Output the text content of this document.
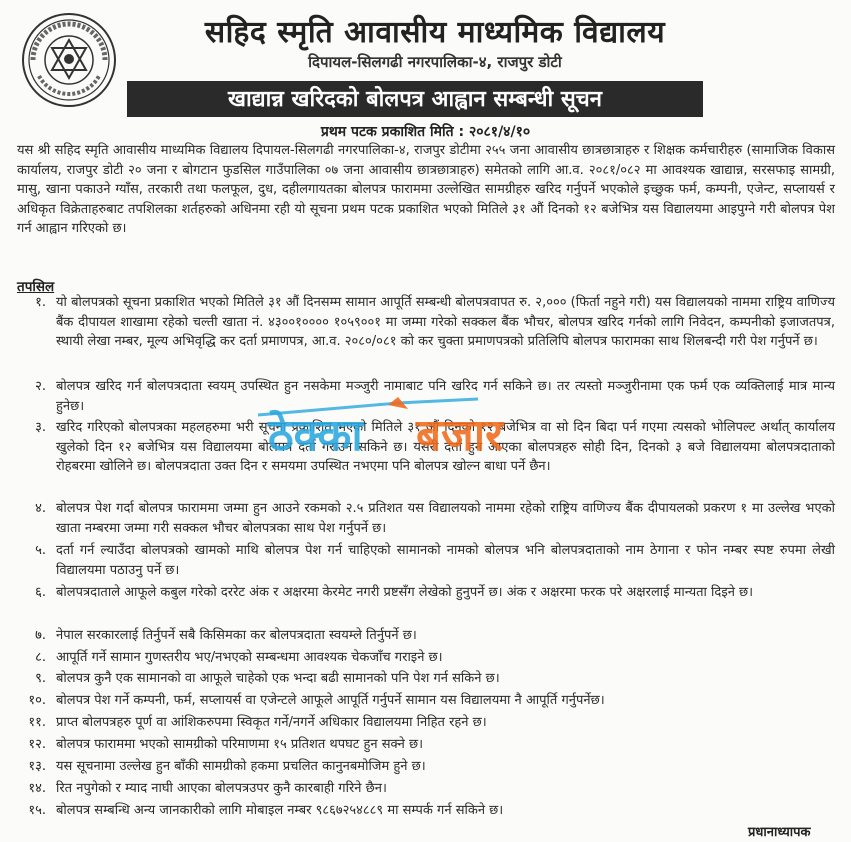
सहिद स्मृति आवासीय माध्यमिक विद्यालय
दिपायल-सिलगढी नगरपालिका-४, राजपुर डोटी
खाद्यान्न खरिदको बोलपत्र आह्वान सम्बन्धी सूचन
प्रथम पटक प्रकाशित मिति : २०८१/४/१०

यस श्री सहिद स्मृति आवासीय माध्यमिक विद्यालय दिपायल-सिलगढी नगरपालिका-४, राजपुर डोटीमा २५५ जना आवासीय छात्रछात्राहरु र शिक्षक कर्मचारीहरु (सामाजिक विकास कार्यालय, राजपुर डोटी २० जना र बोगटान फुडसिल गाउँपालिका ०७ जना आवासीय छात्रछात्राहरु) समेतको लागि आ.व. २०८१/०८२ मा आवश्यक खाद्यान्न, सरसफाइ सामग्री, मासु, खाना पकाउने ग्याँस, तरकारी तथा फलफूल, दुध, दहीलगायतका बोलपत्र फाराममा उल्लेखित सामग्रीहरु खरिद गर्नुपर्ने भएकोले इच्छुक फर्म, कम्पनी, एजेन्ट, सप्लायर्स र अधिकृत विक्रेताहरुबाट तपशिलका शर्तहरुको अधिनमा रही यो सूचना प्रथम पटक प्रकाशित भएको मितिले ३१ औं दिनको १२ बजेभित्र यस विद्यालयमा आइपुग्ने गरी बोलपत्र पेश गर्न आह्वान गरिएको छ।

तपसिल
१. यो बोलपत्रको सूचना प्रकाशित भएको मितिले ३१ औं दिनसम्म सामान आपूर्ति सम्बन्धी बोलपत्रवापत रु. २,००० (फिर्ता नहुने गरी) यस विद्यालयको नाममा राष्ट्रिय वाणिज्य बैंक दीपायल शाखामा रहेको चल्ती खाता नं. ४३००१०००० १०५९००१ मा जम्मा गरेको सक्कल बैंक भौचर, बोलपत्र खरिद गर्नको लागि निवेदन, कम्पनीको इजाजतपत्र, स्थायी लेखा नम्बर, मूल्य अभिवृद्धि कर दर्ता प्रमाणपत्र, आ.व. २०८०/०८१ को कर चुक्ता प्रमाणपत्रको प्रतिलिपि बोलपत्र फारामका साथ शिलबन्दी गरी पेश गर्नुपर्ने छ।
२. बोलपत्र खरिद गर्न बोलपत्रदाता स्वयम् उपस्थित हुन नसकेमा मञ्जुरी नामाबाट पनि खरिद गर्न सकिने छ। तर त्यस्तो मञ्जुरीनामा एक फर्म एक व्यक्तिलाई मात्र मान्य हुनेछ।
३. खरिद गरिएको बोलपत्रका महलहरुमा भरी सूचना प्रकाशित भएको मितिले ३१ औं दिनको १२ बजेभित्र वा सो दिन बिदा पर्न गएमा त्यसको भोलिपल्ट अर्थात् कार्यालय खुलेको दिन १२ बजेभित्र यस विद्यालयमा बोलपत्र दर्ता गराउन सकिने छ। यसरी दर्ता हुन आएका बोलपत्रहरु सोही दिन, दिनको ३ बजे विद्यालयमा बोलपत्रदाताको रोहबरमा खोलिने छ। बोलपत्रदाता उक्त दिन र समयमा उपस्थित नभएमा पनि बोलपत्र खोल्न बाधा पर्ने छैन।
४. बोलपत्र पेश गर्दा बोलपत्र फाराममा जम्मा हुन आउने रकमको २.५ प्रतिशत यस विद्यालयको नाममा रहेको राष्ट्रिय वाणिज्य बैंक दीपायलको प्रकरण १ मा उल्लेख भएको खाता नम्बरमा जम्मा गरी सक्कल भौचर बोलपत्रका साथ पेश गर्नुपर्ने छ।
५. दर्ता गर्न ल्याउँदा बोलपत्रको खामको माथि बोलपत्र पेश गर्न चाहिएको सामानको नामको बोलपत्र भनि बोलपत्रदाताको नाम ठेगाना र फोन नम्बर स्पष्ट रुपमा लेखी विद्यालयमा पठाउनु पर्ने छ।
६. बोलपत्रदाताले आफूले कबुल गरेको दररेट अंक र अक्षरमा केरमेट नगरी प्रष्टसँग लेखेको हुनुपर्ने छ। अंक र अक्षरमा फरक परे अक्षरलाई मान्यता दिइने छ।
७. नेपाल सरकारलाई तिर्नुपर्ने सबै किसिमका कर बोलपत्रदाता स्वयम्ले तिर्नुपर्ने छ।
८. आपूर्ति गर्ने सामान गुणस्तरीय भए/नभएको सम्बन्धमा आवश्यक चेकजाँच गराइने छ।
९. बोलपत्र कुनै एक सामानको वा आफूले चाहेको एक भन्दा बढी सामानको पनि पेश गर्न सकिने छ।
१०. बोलपत्र पेश गर्ने कम्पनी, फर्म, सप्लायर्स वा एजेन्टले आफूले आपूर्ति गर्नुपर्ने सामान यस विद्यालयमा नै आपूर्ति गर्नुपर्नेछ।
११. प्राप्त बोलपत्रहरु पूर्ण वा आंशिकरुपमा स्विकृत गर्ने/नगर्ने अधिकार विद्यालयमा निहित रहने छ।
१२. बोलपत्र फाराममा भएको सामग्रीको परिमाणमा १५ प्रतिशत थपघट हुन सक्ने छ।
१३. यस सूचनामा उल्लेख हुन बाँकी सामग्रीको हकमा प्रचलित कानुनबमोजिम हुने छ।
१४. रित नपुगेको र म्याद नाघी आएका बोलपत्रउपर कुनै कारबाही गरिने छैन।
१५. बोलपत्र सम्बन्धि अन्य जानकारीको लागि मोबाइल नम्बर ९८६७२५४८८९ मा सम्पर्क गर्न सकिने छ।
ठेक्का बजार
प्रधानाध्यापक
